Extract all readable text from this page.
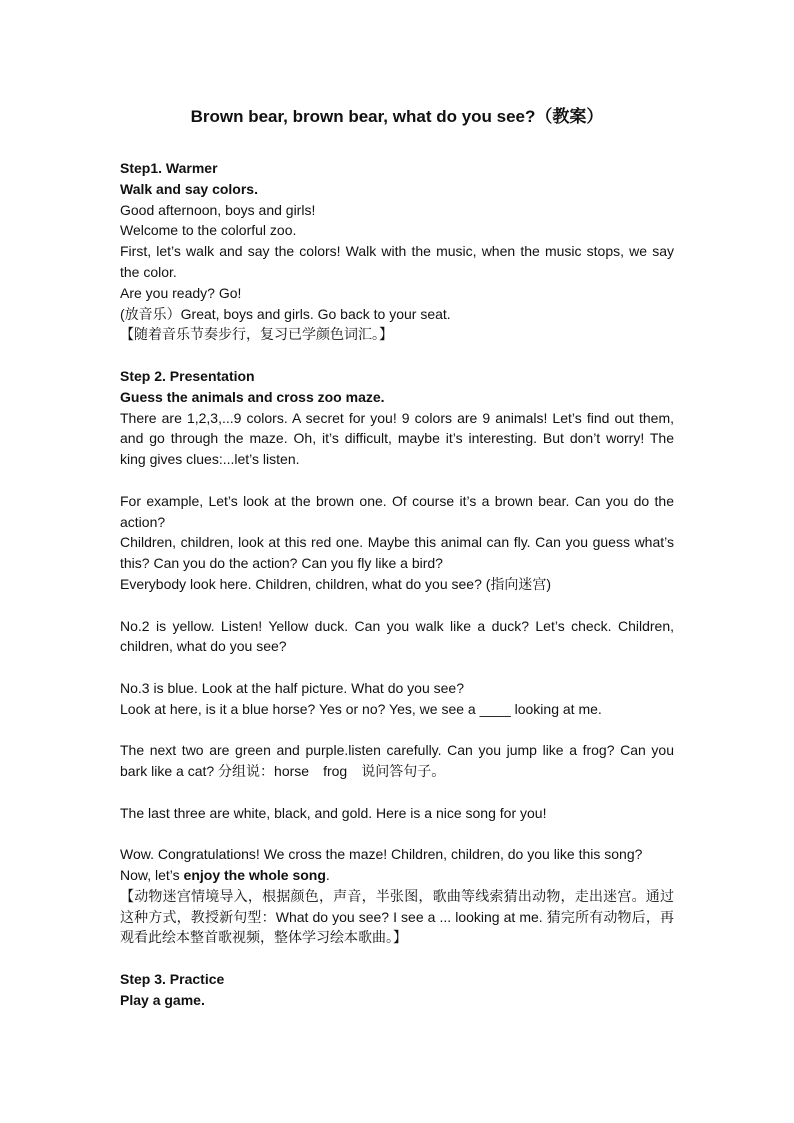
Brown bear, brown bear, what do you see?（教案）

Step1. Warmer

Walk and say colors.

Good afternoon, boys and girls!

Welcome to the colorful zoo.

First, let’s walk and say the colors! Walk with the music, when the music stops, we say the color.

Are you ready? Go!

(放音乐）Great, boys and girls. Go back to your seat.

【随着音乐节奏步行，复习已学颜色词汇。】

Step 2. Presentation

Guess the animals and cross zoo maze.

There are 1,2,3,...9 colors. A secret for you! 9 colors are 9 animals! Let’s find out them, and go through the maze. Oh, it’s difficult, maybe it’s interesting. But don’t worry! The king gives clues:...let’s listen.

For example, Let’s look at the brown one. Of course it’s a brown bear. Can you do the action?

Children, children, look at this red one. Maybe this animal can fly. Can you guess what’s this? Can you do the action? Can you fly like a bird?

Everybody look here. Children, children, what do you see? (指向迷宫)

No.2 is yellow. Listen! Yellow duck. Can you walk like a duck? Let’s check. Children, children, what do you see?

No.3 is blue. Look at the half picture. What do you see?

Look at here, is it a blue horse? Yes or no? Yes, we see a ____ looking at me.

The next two are green and purple.listen carefully. Can you jump like a frog? Can you bark like a cat? 分组说：horse　frog　说问答句子。

The last three are white, black, and gold. Here is a nice song for you!

Wow. Congratulations! We cross the maze! Children, children, do you like this song?

Now, let’s enjoy the whole song.

【动物迷宫情境导入，根据颜色，声音，半张图，歌曲等线索猜出动物，走出迷宫。通过这种方式，教授新句型：What do you see? I see a ... looking at me. 猜完所有动物后，再观看此绘本整首歌视频，整体学习绘本歌曲。】

Step 3. Practice

Play a game.
